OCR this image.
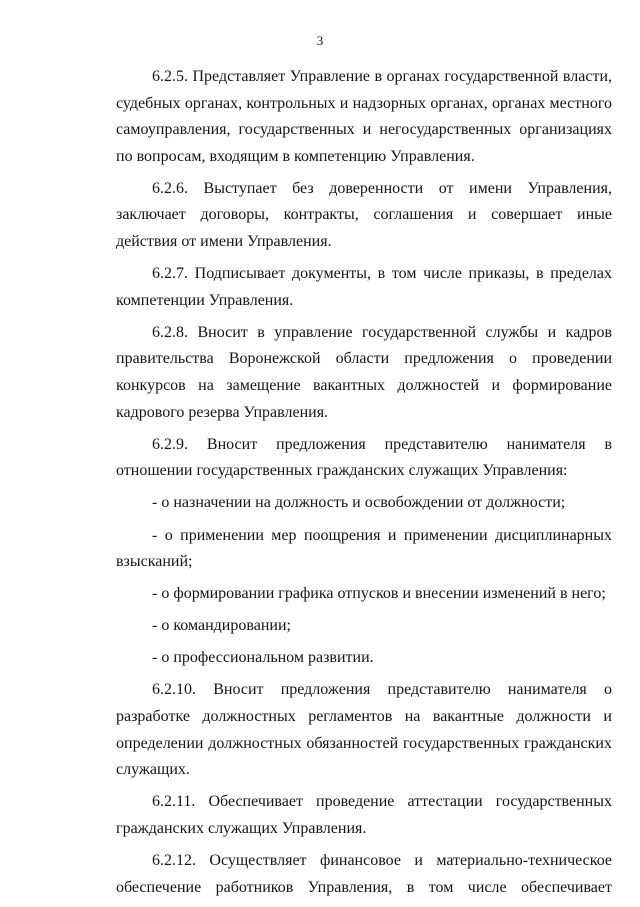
3

6.2.5. Представляет Управление в органах государственной власти, судебных органах, контрольных и надзорных органах, органах местного самоуправления, государственных и негосударственных организациях по вопросам, входящим в компетенцию Управления.

6.2.6. Выступает без доверенности от имени Управления, заключает договоры, контракты, соглашения и совершает иные действия от имени Управления.

6.2.7. Подписывает документы, в том числе приказы, в пределах компетенции Управления.

6.2.8. Вносит в управление государственной службы и кадров правительства Воронежской области предложения о проведении конкурсов на замещение вакантных должностей и формирование кадрового резерва Управления.

6.2.9. Вносит предложения представителю нанимателя в отношении государственных гражданских служащих Управления:

- о назначении на должность и освобождении от должности;

- о применении мер поощрения и применении дисциплинарных взысканий;

- о формировании графика отпусков и внесении изменений в него;

- о командировании;

- о профессиональном развитии.

6.2.10. Вносит предложения представителю нанимателя о разработке должностных регламентов на вакантные должности и определении должностных обязанностей государственных гражданских служащих.

6.2.11. Обеспечивает проведение аттестации государственных гражданских служащих Управления.

6.2.12. Осуществляет финансовое и материально-техническое обеспечение работников Управления, в том числе обеспечивает
